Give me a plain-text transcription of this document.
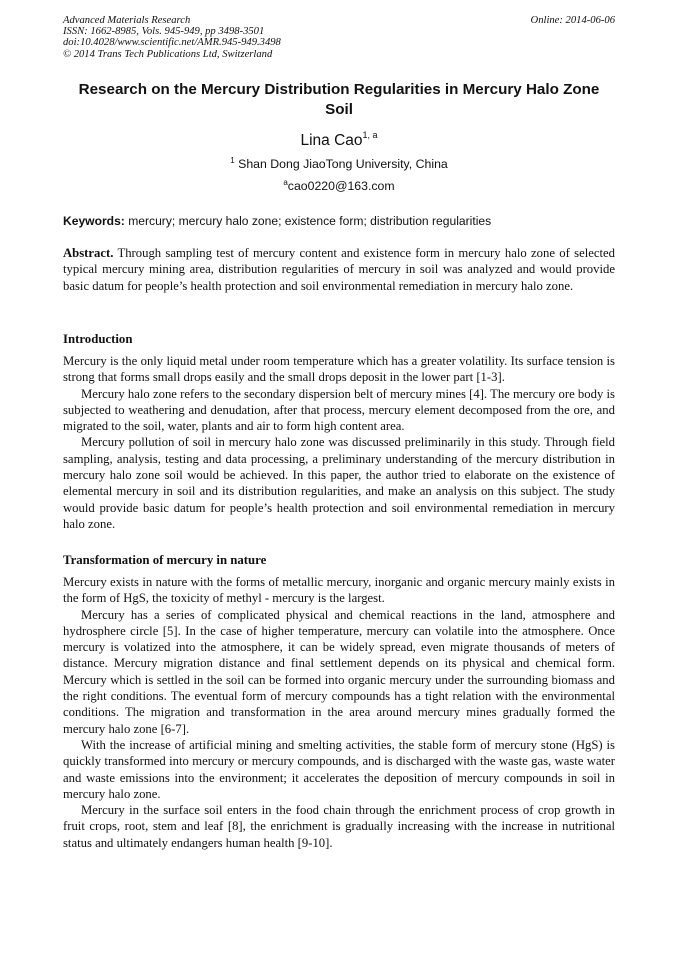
Advanced Materials Research	Online: 2014-06-06
ISSN: 1662-8985, Vols. 945-949, pp 3498-3501
doi:10.4028/www.scientific.net/AMR.945-949.3498
© 2014 Trans Tech Publications Ltd, Switzerland
Research on the Mercury Distribution Regularities in Mercury Halo Zone Soil
Lina Cao$^{1, a}$
$^1$ Shan Dong JiaoTong University, China
$^a$cao0220@163.com
Keywords: mercury; mercury halo zone; existence form; distribution regularities

Abstract. Through sampling test of mercury content and existence form in mercury halo zone of selected typical mercury mining area, distribution regularities of mercury in soil was analyzed and would provide basic datum for people’s health protection and soil environmental remediation in mercury halo zone.

Introduction

Mercury is the only liquid metal under room temperature which has a greater volatility. Its surface tension is strong that forms small drops easily and the small drops deposit in the lower part [1-3].

Mercury halo zone refers to the secondary dispersion belt of mercury mines [4]. The mercury ore body is subjected to weathering and denudation, after that process, mercury element decomposed from the ore, and migrated to the soil, water, plants and air to form high content area.

Mercury pollution of soil in mercury halo zone was discussed preliminarily in this study. Through field sampling, analysis, testing and data processing, a preliminary understanding of the mercury distribution in mercury halo zone soil would be achieved. In this paper, the author tried to elaborate on the existence of elemental mercury in soil and its distribution regularities, and make an analysis on this subject. The study would provide basic datum for people’s health protection and soil environmental remediation in mercury halo zone.

Transformation of mercury in nature

Mercury exists in nature with the forms of metallic mercury, inorganic and organic mercury mainly exists in the form of HgS, the toxicity of methyl - mercury is the largest.

Mercury has a series of complicated physical and chemical reactions in the land, atmosphere and hydrosphere circle [5]. In the case of higher temperature, mercury can volatile into the atmosphere. Once mercury is volatized into the atmosphere, it can be widely spread, even migrate thousands of meters of distance. Mercury migration distance and final settlement depends on its physical and chemical form. Mercury which is settled in the soil can be formed into organic mercury under the surrounding biomass and the right conditions. The eventual form of mercury compounds has a tight relation with the environmental conditions. The migration and transformation in the area around mercury mines gradually formed the mercury halo zone [6-7].

With the increase of artificial mining and smelting activities, the stable form of mercury stone (HgS) is quickly transformed into mercury or mercury compounds, and is discharged with the waste gas, waste water and waste emissions into the environment; it accelerates the deposition of mercury compounds in soil in mercury halo zone.

Mercury in the surface soil enters in the food chain through the enrichment process of crop growth in fruit crops, root, stem and leaf [8], the enrichment is gradually increasing with the increase in nutritional status and ultimately endangers human health [9-10].
